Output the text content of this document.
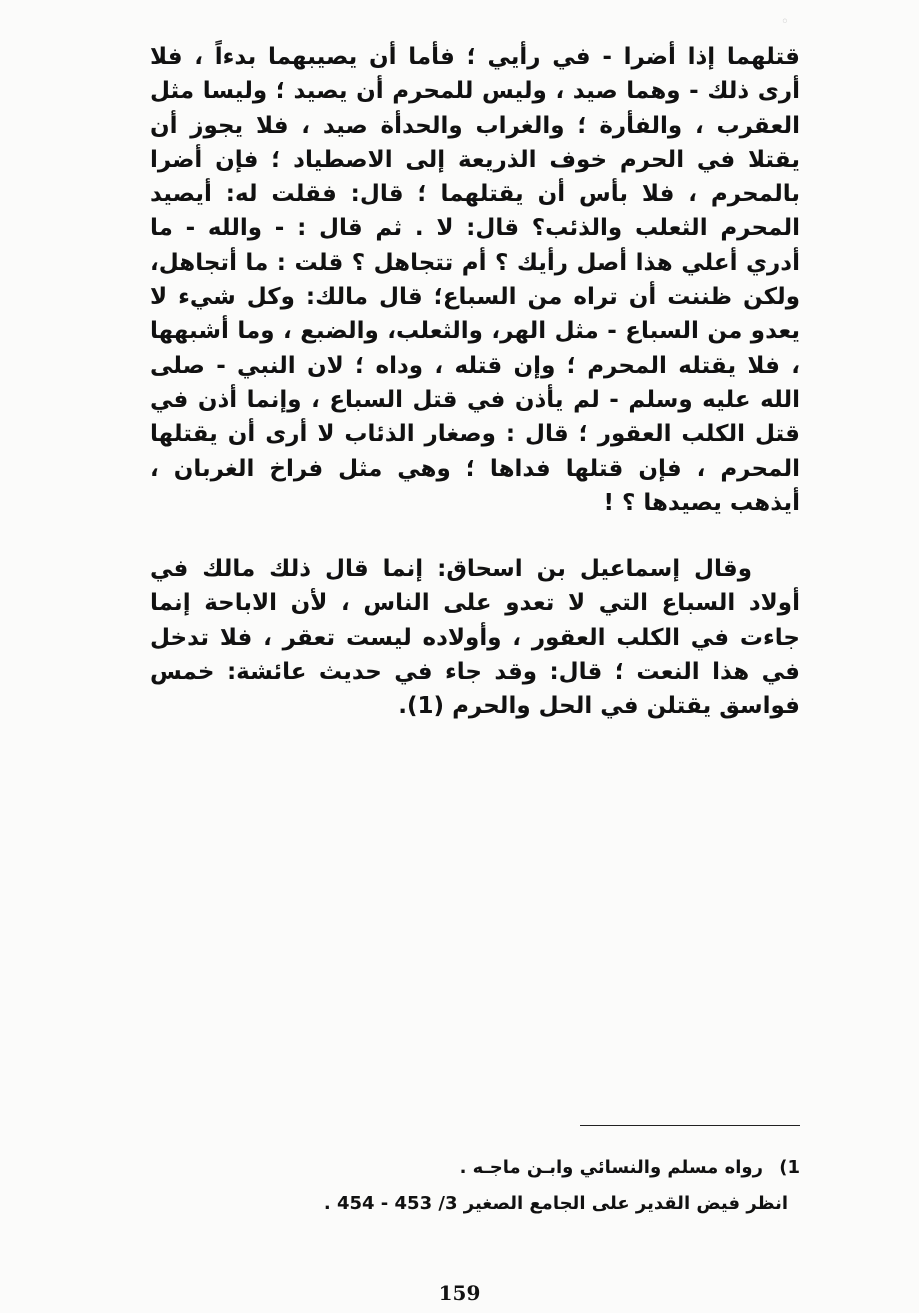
◦

قتلهما إذا أضرا - في رأيي ؛ فأما أن يصيبهما بدءاً ، فلا أرى ذلك - وهما صيد ، وليس للمحرم أن يصيد ؛ وليسا مثل العقرب ، والفأرة ؛ والغراب والحدأة صيد ، فلا يجوز أن يقتلا في الحرم خوف الذريعة إلى الاصطياد ؛ فإن أضرا بالمحرم ، فلا بأس أن يقتلهما ؛ قال: فقلت له: أيصيد المحرم الثعلب والذئب؟ قال: لا . ثم قال : - والله - ما أدري أعلي هذا أصل رأيك ؟ أم تتجاهل ؟ قلت : ما أتجاهل، ولكن ظننت أن تراه من السباع؛ قال مالك: وكل شيء لا يعدو من السباع - مثل الهر، والثعلب، والضبع ، وما أشبهها ، فلا يقتله المحرم ؛ وإن قتله ، وداه ؛ لان النبي - صلى الله عليه وسلم - لم يأذن في قتل السباع ، وإنما أذن في قتل الكلب العقور ؛ قال : وصغار الذئاب لا أرى أن يقتلها المحرم ، فإن قتلها فداها ؛ وهي مثل فراخ الغربان ، أيذهب يصيدها ؟ !

وقال إسماعيل بن اسحاق: إنما قال ذلك مالك في أولاد السباع التي لا تعدو على الناس ، لأن الاباحة إنما جاءت في الكلب العقور ، وأولاده ليست تعقر ، فلا تدخل في هذا النعت ؛ قال: وقد جاء في حديث عائشة: خمس فواسق يقتلن في الحل والحرم (1).

1) رواه مسلم والنسائي وابـن ماجـه .

انظر فيض القدير على الجامع الصغير 3/ 453 - 454 .

159
